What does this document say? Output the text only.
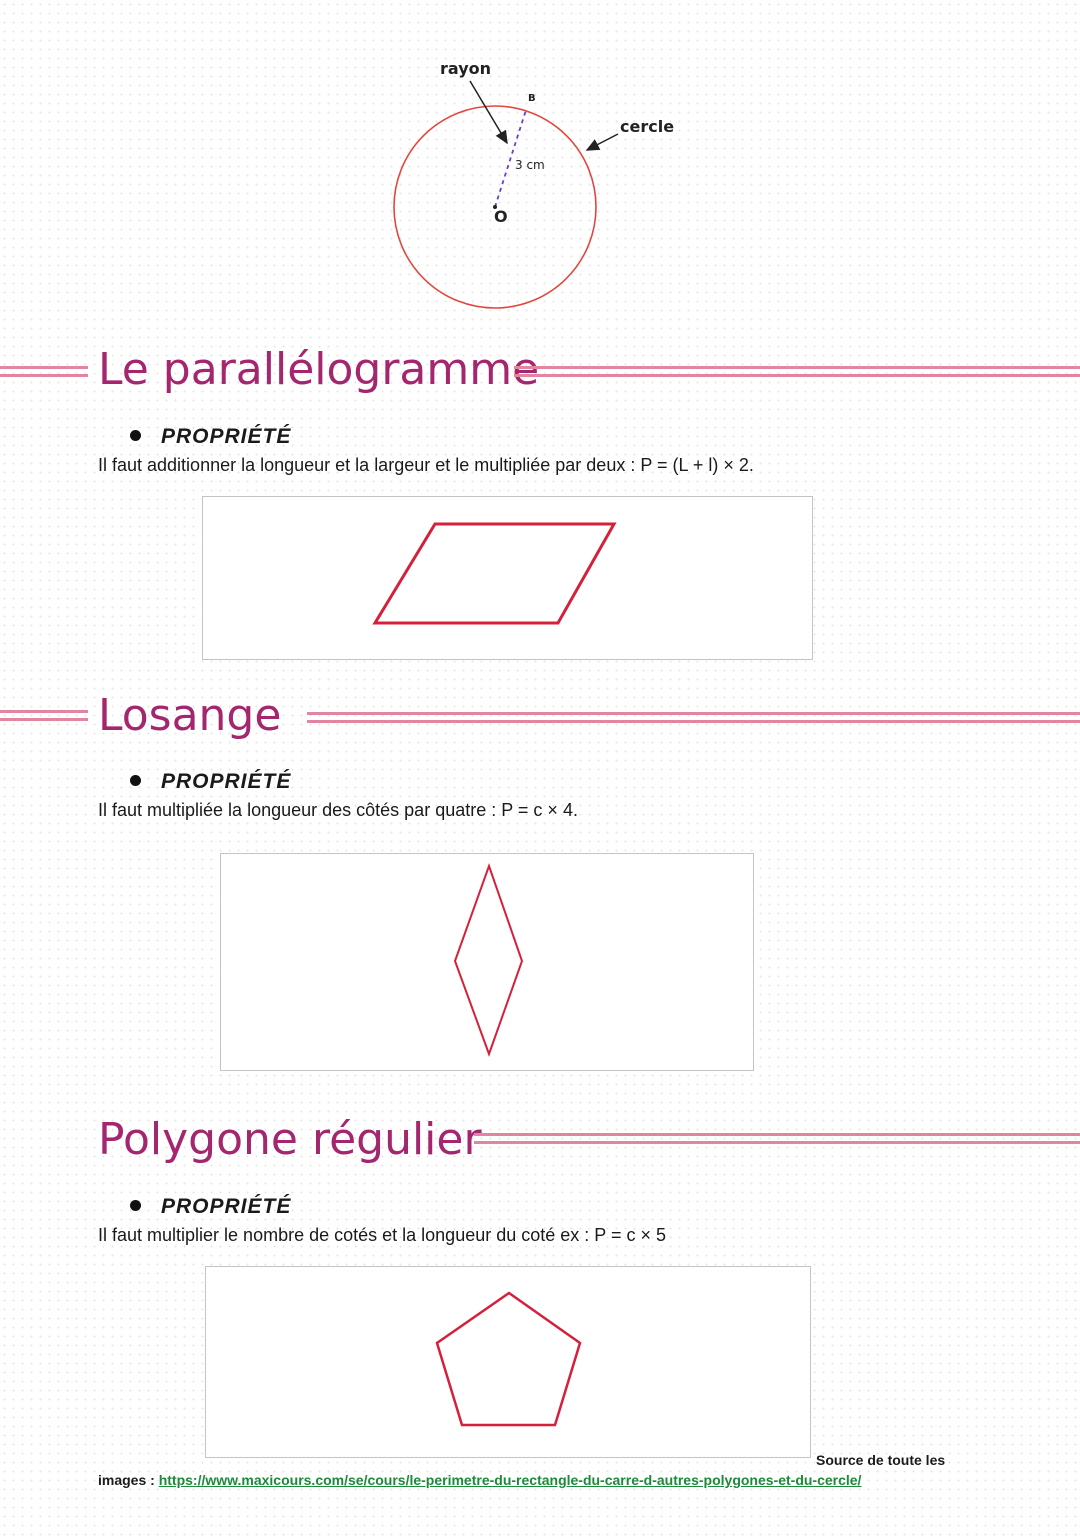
rayon
B
3 cm
cercle
O
Le parallélogramme
PROPRIÉTÉ
Il faut additionner la longueur et la largeur et le multipliée par deux : P = (L + l) × 2.
Losange
PROPRIÉTÉ
Il faut multipliée la longueur des côtés par quatre : P = c × 4.
Polygone régulier
PROPRIÉTÉ
Il faut multiplier le nombre de cotés et la longueur du coté ex : P = c × 5
Source de toute les
images : https://www.maxicours.com/se/cours/le-perimetre-du-rectangle-du-carre-d-autres-polygones-et-du-cercle/
